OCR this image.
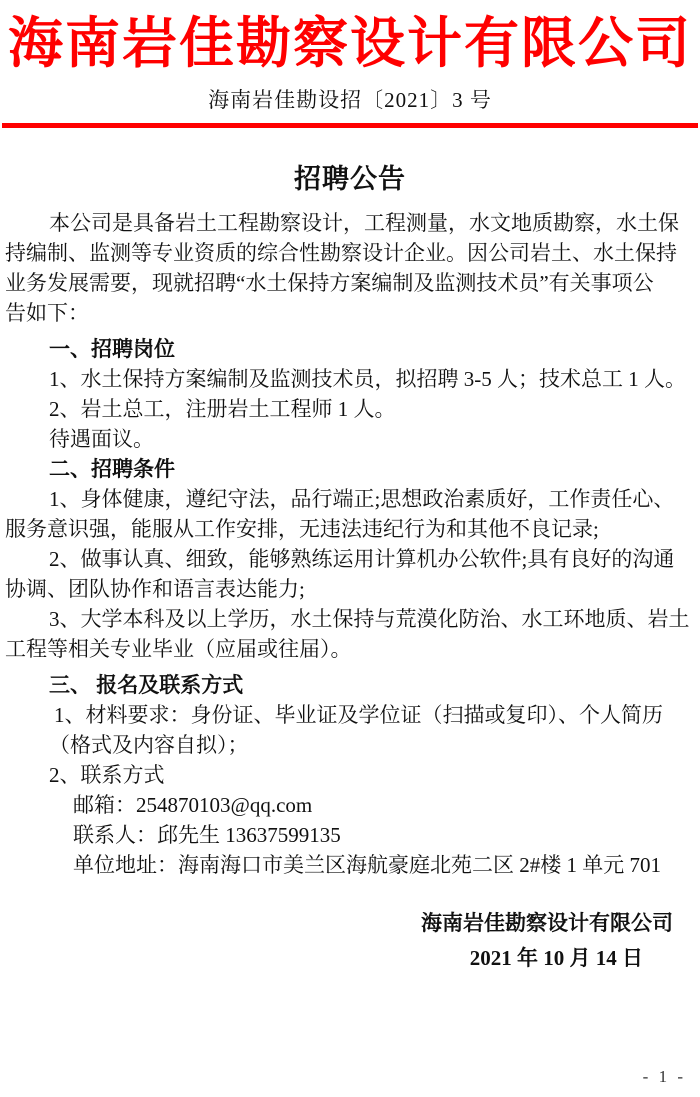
海南岩佳勘察设计有限公司
海南岩佳勘设招〔2021〕3 号
招聘公告
本公司是具备岩土工程勘察设计，工程测量，水文地质勘察，水土保
持编制、监测等专业资质的综合性勘察设计企业。因公司岩土、水土保持
业务发展需要，现就招聘“水土保持方案编制及监测技术员”有关事项公
告如下：
一、招聘岗位
1、水土保持方案编制及监测技术员，拟招聘 3-5 人；技术总工 1 人。
2、岩土总工，注册岩土工程师 1 人。
待遇面议。
二、招聘条件
1、身体健康，遵纪守法，品行端正;思想政治素质好，工作责任心、
服务意识强，能服从工作安排，无违法违纪行为和其他不良记录;
2、做事认真、细致，能够熟练运用计算机办公软件;具有良好的沟通
协调、团队协作和语言表达能力;
3、大学本科及以上学历，水土保持与荒漠化防治、水工环地质、岩土
工程等相关专业毕业（应届或往届）。
三、 报名及联系方式
1、材料要求：身份证、毕业证及学位证（扫描或复印）、个人简历
（格式及内容自拟）；
2、联系方式
邮箱：254870103@qq.com
联系人：邱先生 13637599135
单位地址：海南海口市美兰区海航豪庭北苑二区 2#楼 1 单元 701
海南岩佳勘察设计有限公司
2021 年 10 月 14 日
- 1 -
